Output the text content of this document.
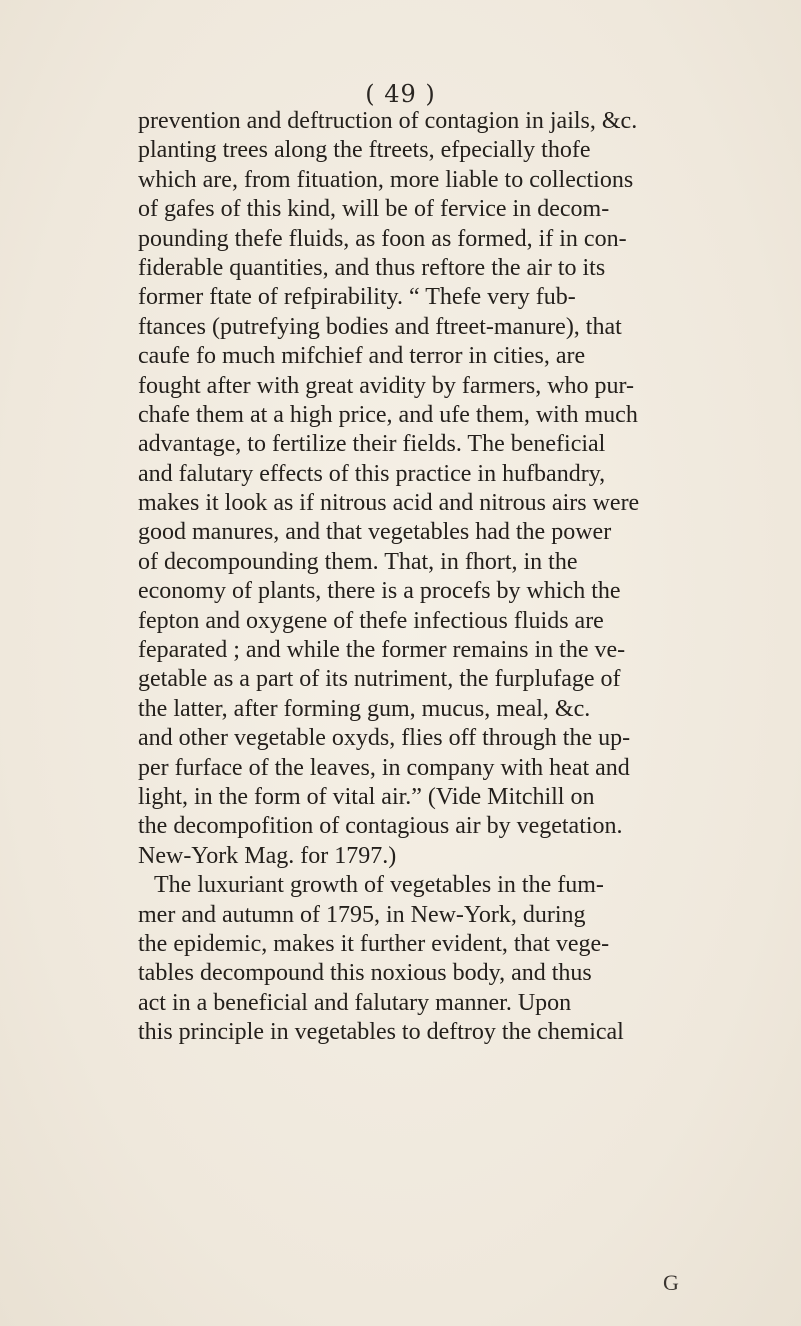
( 49 )
prevention and deftruction of contagion in jails, &c.
planting trees along the ftreets, efpecially thofe
which are, from fituation, more liable to collections
of gafes of this kind, will be of fervice in decom-
pounding thefe fluids, as foon as formed, if in con-
fiderable quantities, and thus reftore the air to its
former ftate of refpirability. “ Thefe very fub-
ftances (putrefying bodies and ftreet-manure), that
caufe fo much mifchief and terror in cities, are
fought after with great avidity by farmers, who pur-
chafe them at a high price, and ufe them, with much
advantage, to fertilize their fields. The beneficial
and falutary effects of this practice in hufbandry,
makes it look as if nitrous acid and nitrous airs were
good manures, and that vegetables had the power
of decompounding them. That, in fhort, in the
economy of plants, there is a procefs by which the
fepton and oxygene of thefe infectious fluids are
feparated ; and while the former remains in the ve-
getable as a part of its nutriment, the furplufage of
the latter, after forming gum, mucus, meal, &c.
and other vegetable oxyds, flies off through the up-
per furface of the leaves, in company with heat and
light, in the form of vital air.” (Vide Mitchill on
the decompofition of contagious air by vegetation.
New-York Mag. for 1797.)
The luxuriant growth of vegetables in the fum-
mer and autumn of 1795, in New-York, during
the epidemic, makes it further evident, that vege-
tables decompound this noxious body, and thus
act in a beneficial and falutary manner. Upon
this principle in vegetables to deftroy the chemical
G
